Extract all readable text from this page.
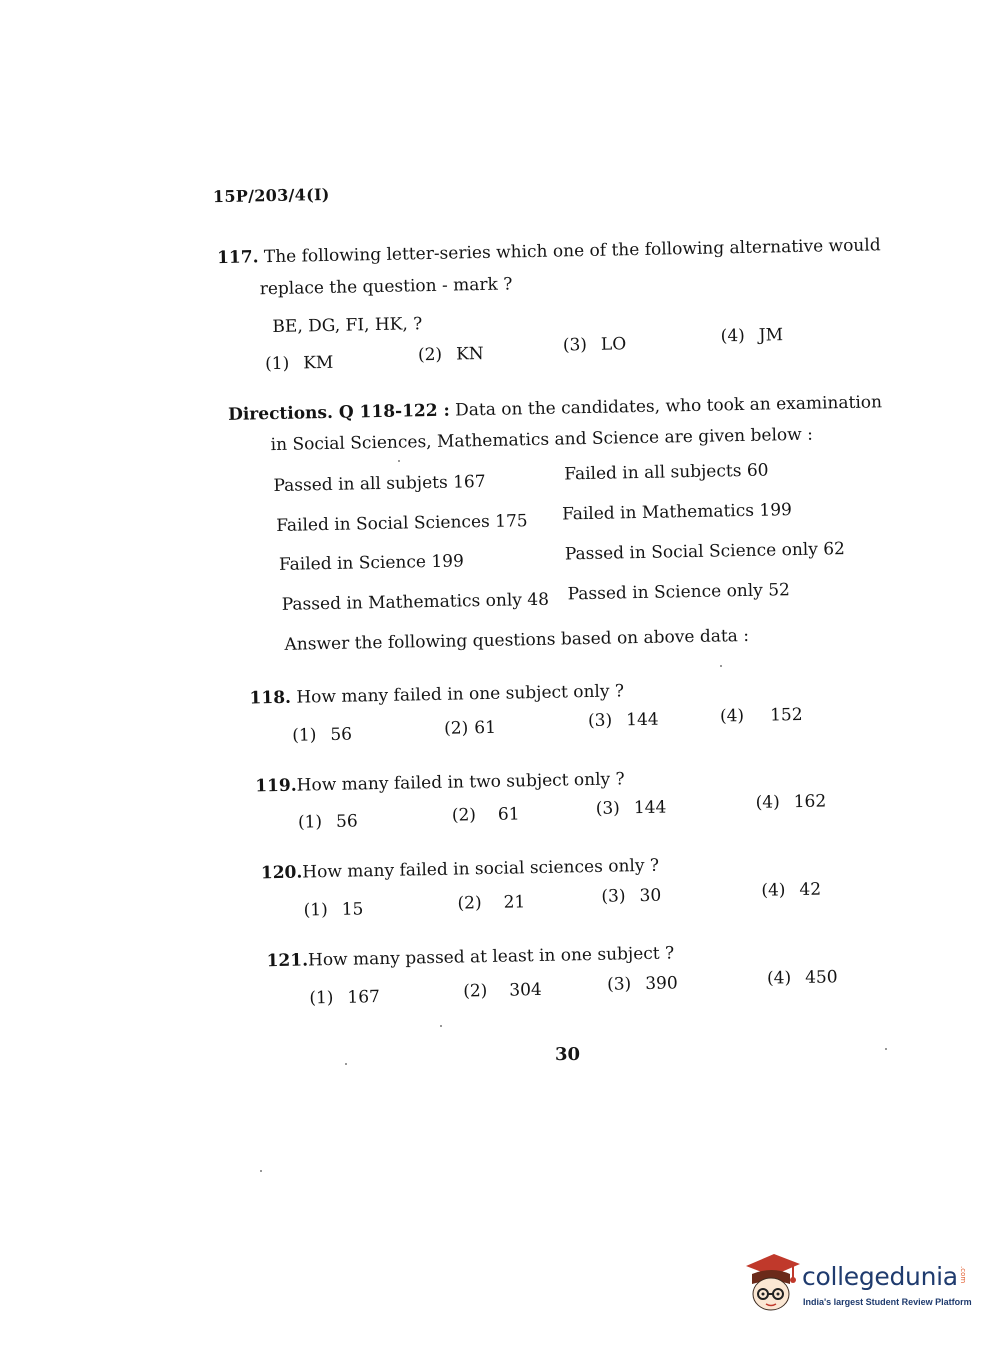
15P/203/4(I)
117. The following letter-series which one of the following alternative would
replace the question - mark ?
BE, DG, FI, HK, ?
(1) KM	(2) KN	(3) LO	(4) JM
Directions. Q 118-122 : Data on the candidates, who took an examination
in Social Sciences, Mathematics and Science are given below :
Passed in all subjets 167	Failed in all subjects 60
Failed in Social Sciences 175 Failed in Mathematics 199
Failed in Science 199	Passed in Social Science only 62
Passed in Mathematics only 48 Passed in Science only 52
Answer the following questions based on above data :
118. How many failed in one subject only ?
(1) 56	(2) 61	(3) 144	(4) 152
119.How many failed in two subject only ?
(1) 56	(2) 61	(3) 144	(4) 162
120.How many failed in social sciences only ?
(1) 15	(2) 21	(3) 30	(4) 42
121.How many passed at least in one subject ?
(1) 167	(2) 304	(3) 390	(4) 450
30
collegedunia .com
India's largest Student Review Platform
